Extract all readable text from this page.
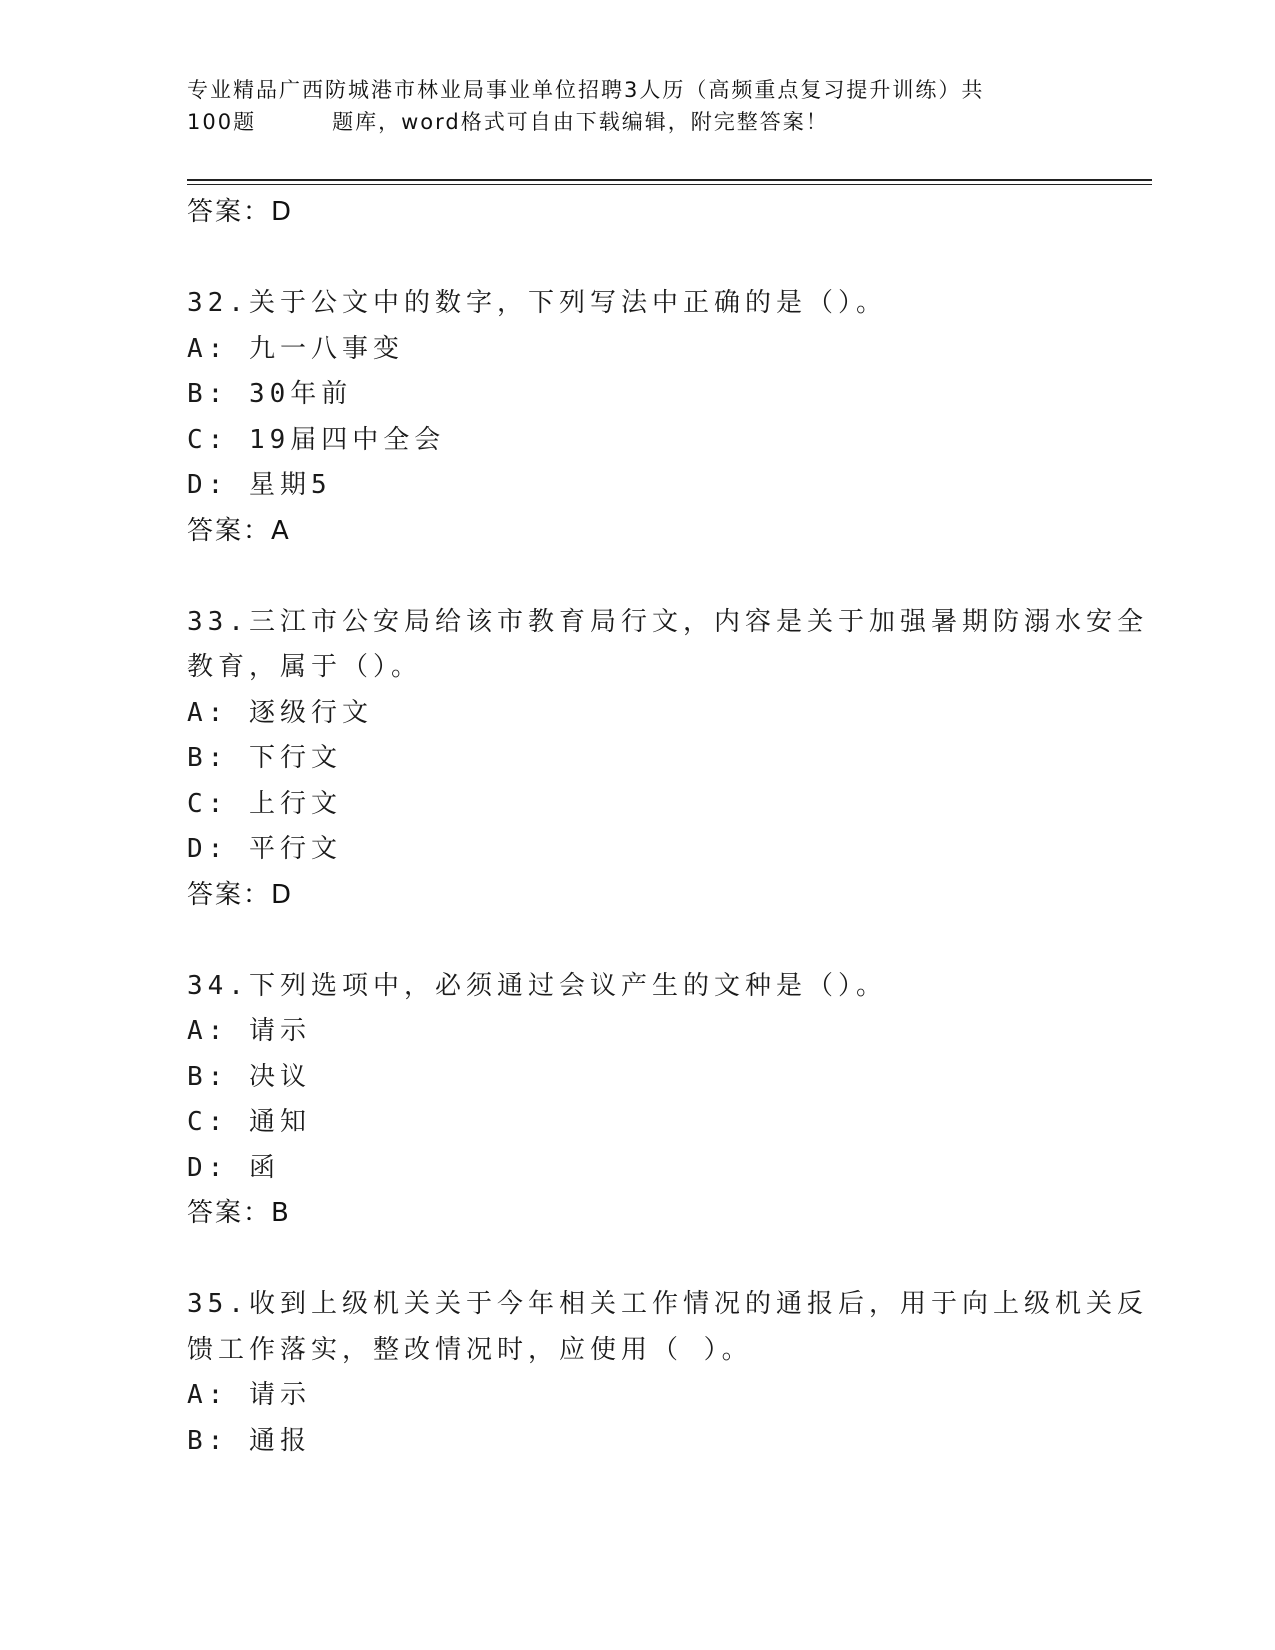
专业精品广西防城港市林业局事业单位招聘3人历（高频重点复习提升训练）共
100题	题库，word格式可自由下载编辑，附完整答案！
答案：D
32.关于公文中的数字，下列写法中正确的是（）。
A: 九一八事变
B: 30年前
C: 19届四中全会
D: 星期5
答案：A
33.三江市公安局给该市教育局行文，内容是关于加强暑期防溺水安全
教育，属于（）。
A: 逐级行文
B: 下行文
C: 上行文
D: 平行文
答案：D
34.下列选项中，必须通过会议产生的文种是（）。
A: 请示
B: 决议
C: 通知
D: 函
答案：B
35.收到上级机关关于今年相关工作情况的通报后，用于向上级机关反
馈工作落实，整改情况时，应使用（ ）。
A: 请示
B: 通报
